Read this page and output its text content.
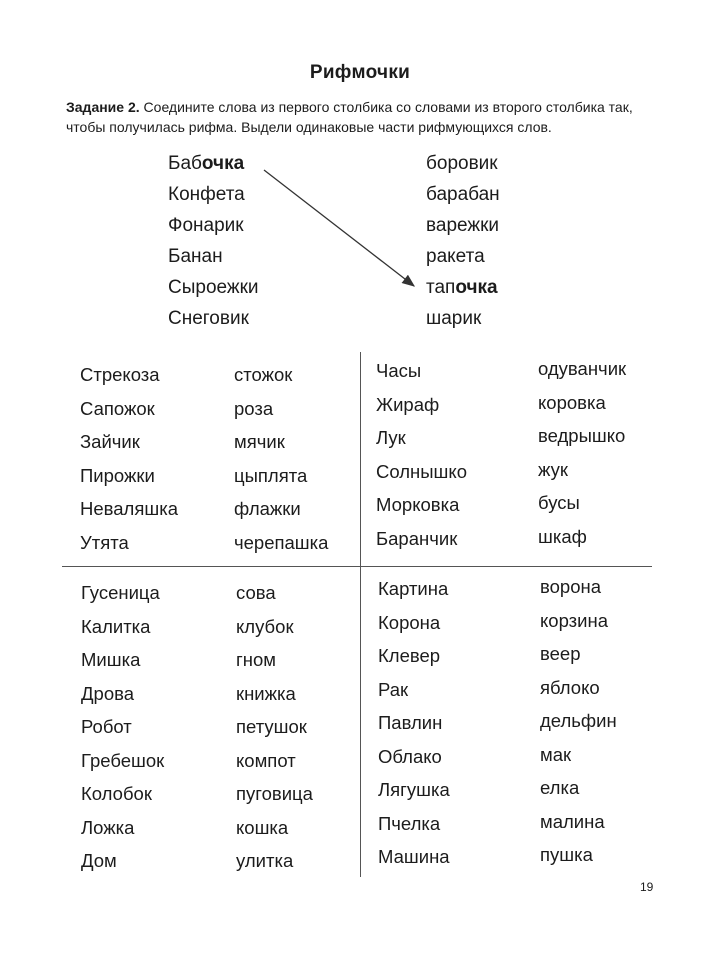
Рифмочки
Задание 2. Соедините слова из первого столбика со словами из второго столбика так, чтобы получилась рифма. Выдели одинаковые части рифмующихся слов.
Бабочка
Конфета
Фонарик
Банан
Сыроежки
Снеговик
боровик
барабан
варежки
ракета
тапочка
шарик
Стрекоза
Сапожок
Зайчик
Пирожки
Неваляшка
Утята
стожок
роза
мячик
цыплята
флажки
черепашка
Часы
Жираф
Лук
Солнышко
Морковка
Баранчик
одуванчик
коровка
ведрышко
жук
бусы
шкаф
Гусеница
Калитка
Мишка
Дрова
Робот
Гребешок
Колобок
Ложка
Дом
сова
клубок
гном
книжка
петушок
компот
пуговица
кошка
улитка
Картина
Корона
Клевер
Рак
Павлин
Облако
Лягушка
Пчелка
Машина
ворона
корзина
веер
яблоко
дельфин
мак
елка
малина
пушка
19
